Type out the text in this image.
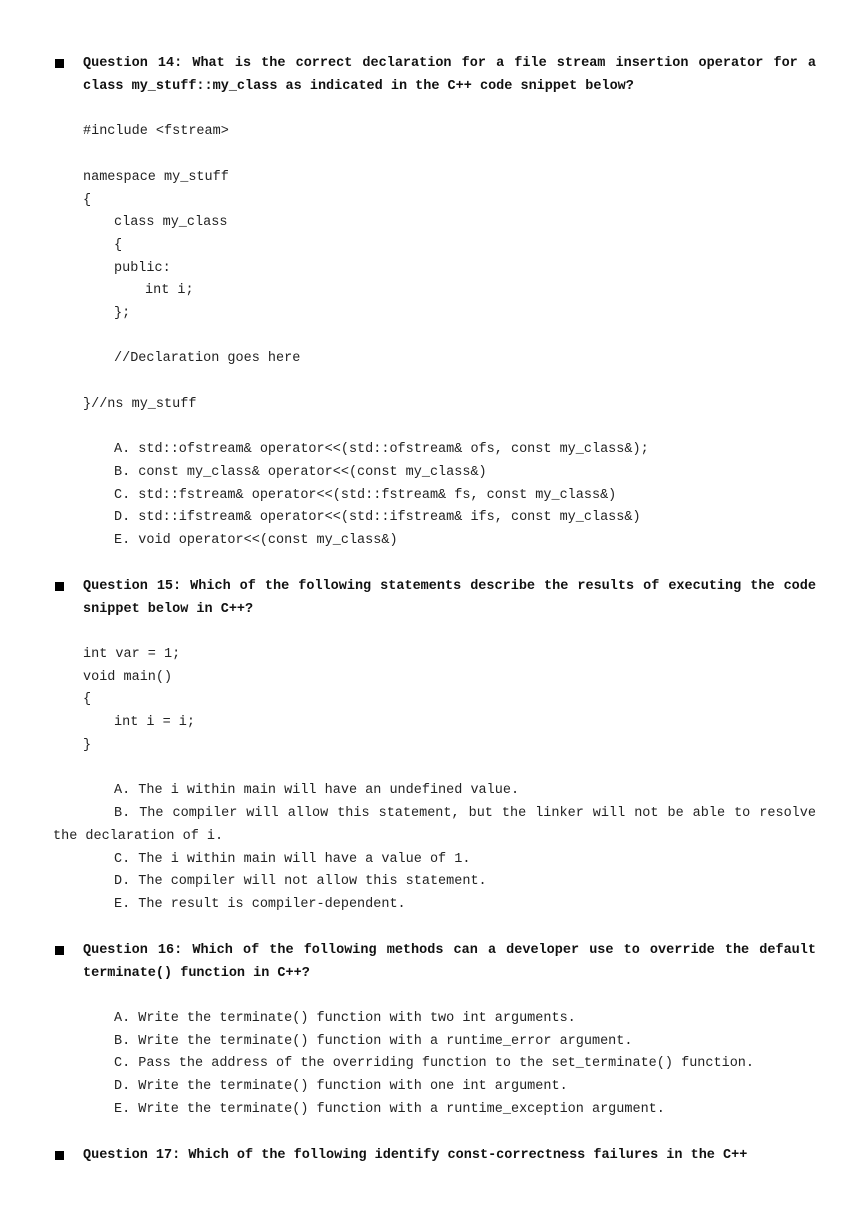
Question 14: What is the correct declaration for a file stream insertion operator for a class my_stuff::my_class as indicated in the C++ code snippet below?
#include <fstream>
namespace my_stuff
{
class my_class
{
public:
int i;
};
//Declaration goes here
}//ns my_stuff
A. std::ofstream& operator<<(std::ofstream& ofs, const my_class&);
B. const my_class& operator<<(const my_class&)
C. std::fstream& operator<<(std::fstream& fs, const my_class&)
D. std::ifstream& operator<<(std::ifstream& ifs, const my_class&)
E. void operator<<(const my_class&)
Question 15: Which of the following statements describe the results of executing the code snippet below in C++?
int var = 1;
void main()
{
int i = i;
}
A. The i within main will have an undefined value.
B. The compiler will allow this statement, but the linker will not be able to resolve the declaration of i.
C. The i within main will have a value of 1.
D. The compiler will not allow this statement.
E. The result is compiler-dependent.
Question 16: Which of the following methods can a developer use to override the default terminate() function in C++?
A. Write the terminate() function with two int arguments.
B. Write the terminate() function with a runtime_error argument.
C. Pass the address of the overriding function to the set_terminate() function.
D. Write the terminate() function with one int argument.
E. Write the terminate() function with a runtime_exception argument.
Question 17: Which of the following identify const-correctness failures in the C++
